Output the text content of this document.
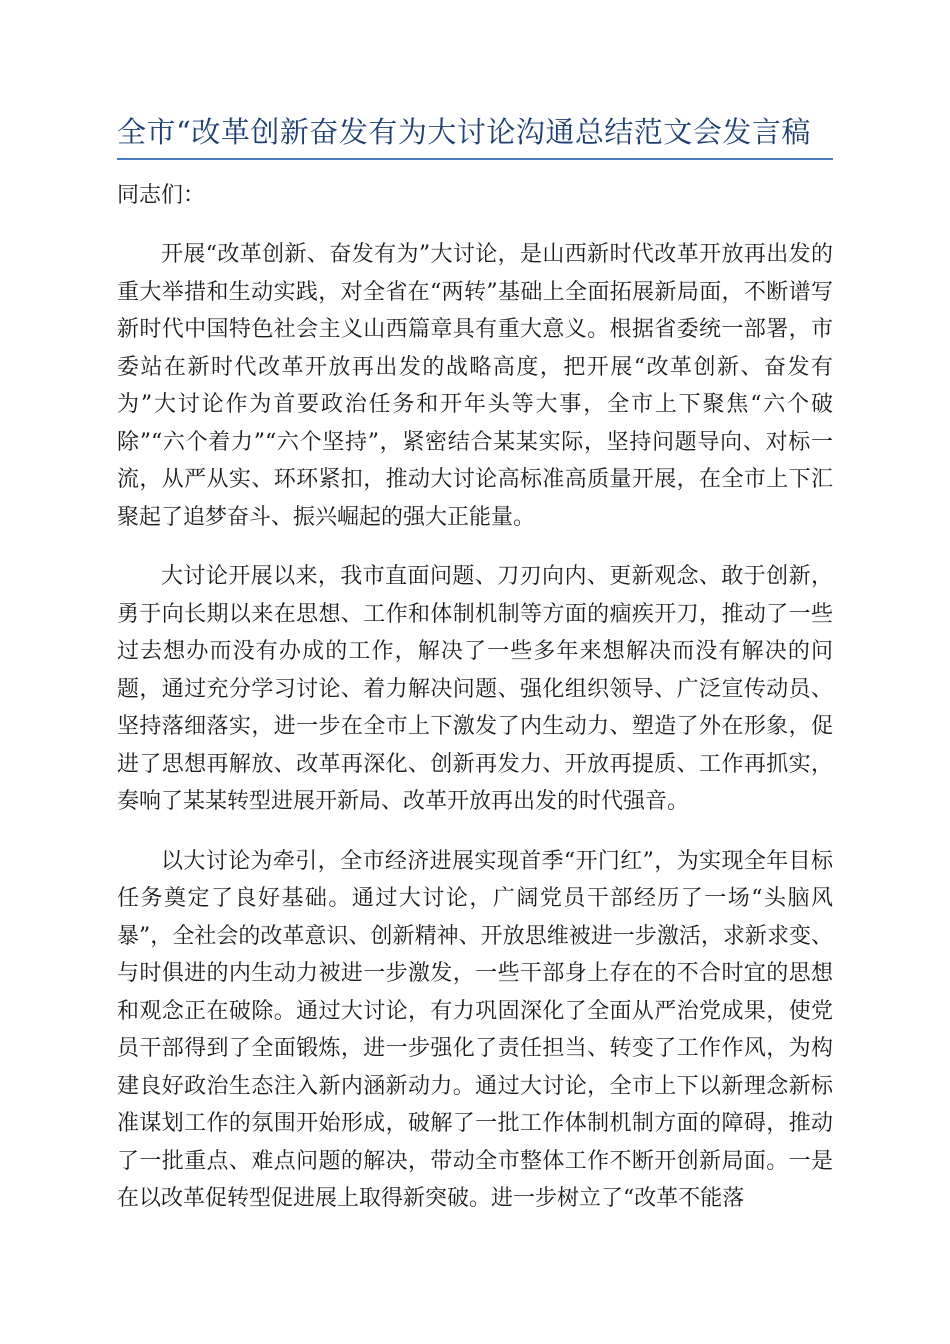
全市“改革创新奋发有为大讨论沟通总结范文会发言稿

同志们：

开展“改革创新、奋发有为”大讨论，是山西新时代改革开放再出发的重大举措和生动实践，对全省在“两转”基础上全面拓展新局面，不断谱写新时代中国特色社会主义山西篇章具有重大意义。根据省委统一部署，市委站在新时代改革开放再出发的战略高度，把开展“改革创新、奋发有为”大讨论作为首要政治任务和开年头等大事，全市上下聚焦“六个破除”“六个着力”“六个坚持”，紧密结合某某实际，坚持问题导向、对标一流，从严从实、环环紧扣，推动大讨论高标准高质量开展，在全市上下汇聚起了追梦奋斗、振兴崛起的强大正能量。

大讨论开展以来，我市直面问题、刀刃向内、更新观念、敢于创新，勇于向长期以来在思想、工作和体制机制等方面的痼疾开刀，推动了一些过去想办而没有办成的工作，解决了一些多年来想解决而没有解决的问题，通过充分学习讨论、着力解决问题、强化组织领导、广泛宣传动员、坚持落细落实，进一步在全市上下激发了内生动力、塑造了外在形象，促进了思想再解放、改革再深化、创新再发力、开放再提质、工作再抓实，奏响了某某转型进展开新局、改革开放再出发的时代强音。

以大讨论为牵引，全市经济进展实现首季“开门红”，为实现全年目标任务奠定了良好基础。通过大讨论，广阔党员干部经历了一场“头脑风暴”，全社会的改革意识、创新精神、开放思维被进一步激活，求新求变、与时俱进的内生动力被进一步激发，一些干部身上存在的不合时宜的思想和观念正在破除。通过大讨论，有力巩固深化了全面从严治党成果，使党员干部得到了全面锻炼，进一步强化了责任担当、转变了工作作风，为构建良好政治生态注入新内涵新动力。通过大讨论，全市上下以新理念新标准谋划工作的氛围开始形成，破解了一批工作体制机制方面的障碍，推动了一批重点、难点问题的解决，带动全市整体工作不断开创新局面。一是在以改革促转型促进展上取得新突破。进一步树立了“改革不能落
